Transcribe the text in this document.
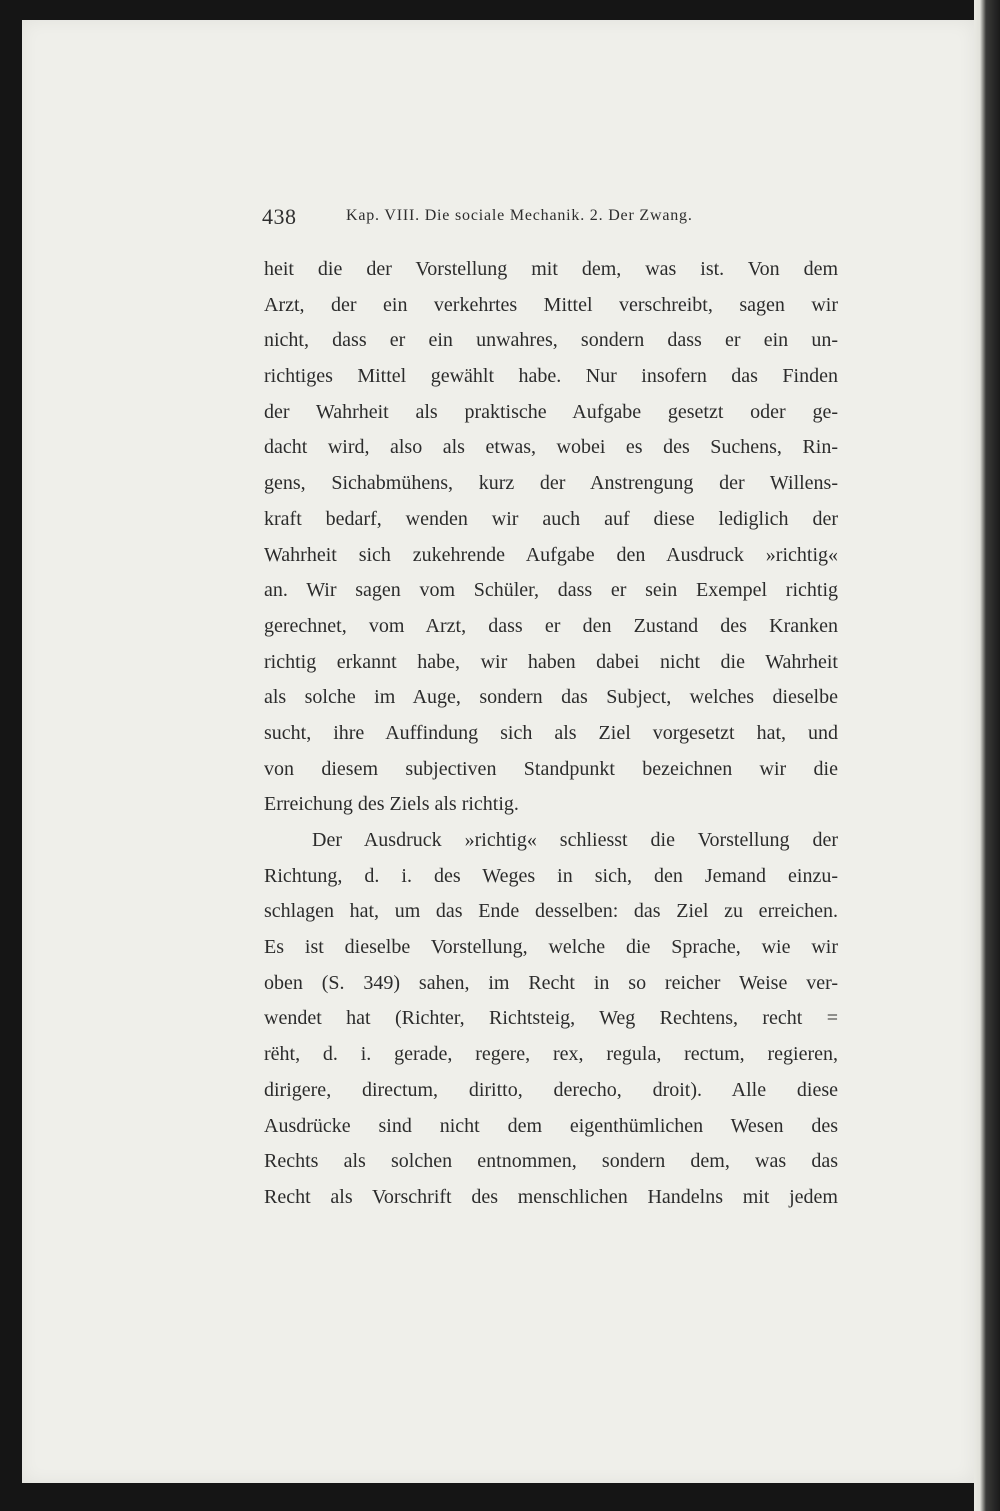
438	Kap. VIII. Die sociale Mechanik. 2. Der Zwang.
heit die der Vorstellung mit dem, was ist. Von dem
Arzt, der ein verkehrtes Mittel verschreibt, sagen wir
nicht, dass er ein unwahres, sondern dass er ein un-
richtiges Mittel gewählt habe. Nur insofern das Finden
der Wahrheit als praktische Aufgabe gesetzt oder ge-
dacht wird, also als etwas, wobei es des Suchens, Rin-
gens, Sichabmühens, kurz der Anstrengung der Willens-
kraft bedarf, wenden wir auch auf diese lediglich der
Wahrheit sich zukehrende Aufgabe den Ausdruck »richtig«
an. Wir sagen vom Schüler, dass er sein Exempel richtig
gerechnet, vom Arzt, dass er den Zustand des Kranken
richtig erkannt habe, wir haben dabei nicht die Wahrheit
als solche im Auge, sondern das Subject, welches dieselbe
sucht, ihre Auffindung sich als Ziel vorgesetzt hat, und
von diesem subjectiven Standpunkt bezeichnen wir die
Erreichung des Ziels als richtig.
Der Ausdruck »richtig« schliesst die Vorstellung der
Richtung, d. i. des Weges in sich, den Jemand einzu-
schlagen hat, um das Ende desselben: das Ziel zu erreichen.
Es ist dieselbe Vorstellung, welche die Sprache, wie wir
oben (S. 349) sahen, im Recht in so reicher Weise ver-
wendet hat (Richter, Richtsteig, Weg Rechtens, recht =
rëht, d. i. gerade, regere, rex, regula, rectum, regieren,
dirigere, directum, diritto, derecho, droit). Alle diese
Ausdrücke sind nicht dem eigenthümlichen Wesen des
Rechts als solchen entnommen, sondern dem, was das
Recht als Vorschrift des menschlichen Handelns mit jedem
